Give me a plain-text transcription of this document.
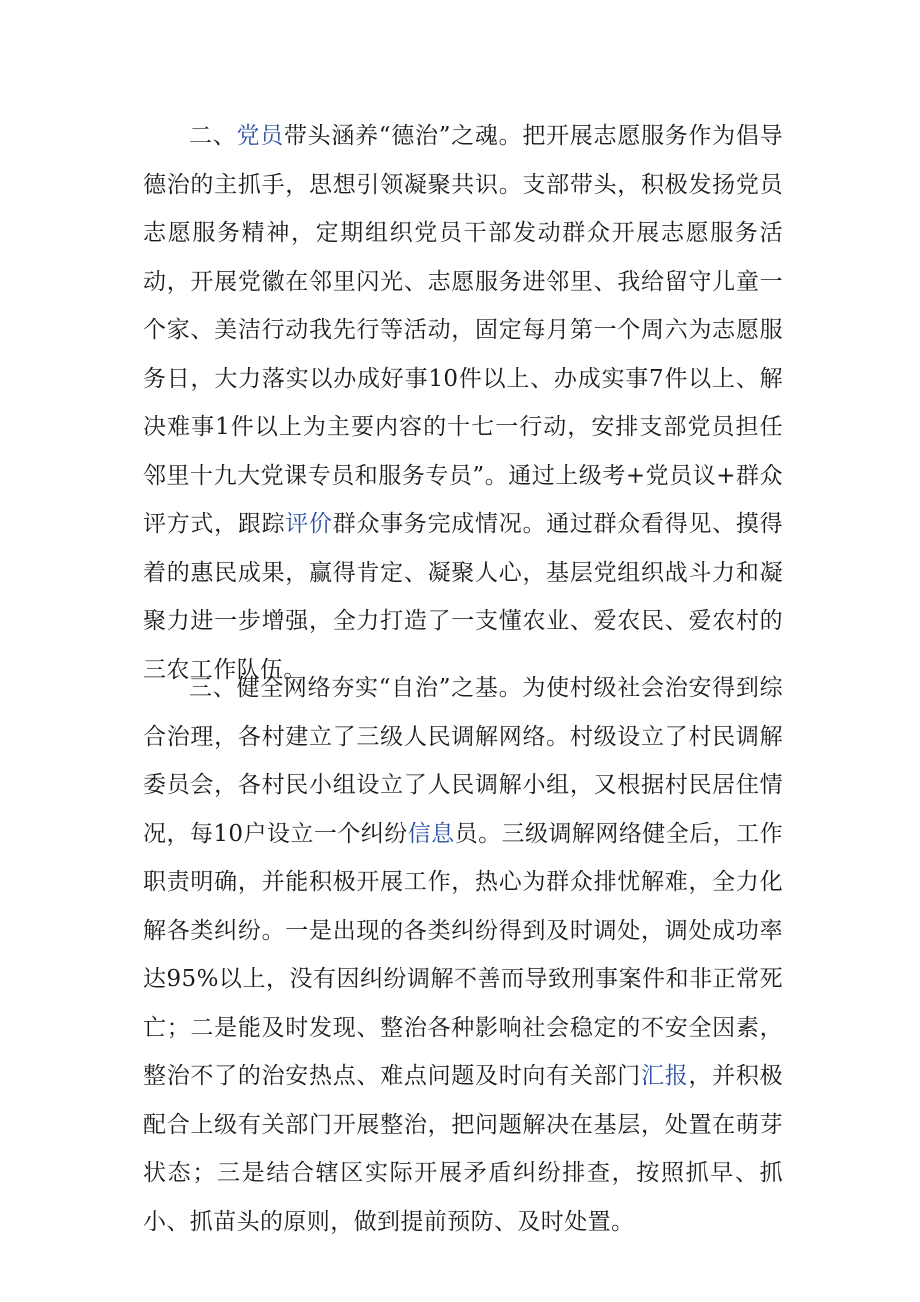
二、党员带头涵养“德治”之魂。把开展志愿服务作为倡导德治的主抓手，思想引领凝聚共识。支部带头，积极发扬党员志愿服务精神，定期组织党员干部发动群众开展志愿服务活动，开展党徽在邻里闪光、志愿服务进邻里、我给留守儿童一个家、美洁行动我先行等活动，固定每月第一个周六为志愿服务日，大力落实以办成好事10件以上、办成实事7件以上、解决难事1件以上为主要内容的十七一行动，安排支部党员担任邻里十九大党课专员和服务专员”。通过上级考+党员议+群众评方式，跟踪评价群众事务完成情况。通过群众看得见、摸得着的惠民成果，赢得肯定、凝聚人心，基层党组织战斗力和凝聚力进一步增强，全力打造了一支懂农业、爱农民、爱农村的三农工作队伍。

三、健全网络夯实“自治”之基。为使村级社会治安得到综合治理，各村建立了三级人民调解网络。村级设立了村民调解委员会，各村民小组设立了人民调解小组，又根据村民居住情况，每10户设立一个纠纷信息员。三级调解网络健全后，工作职责明确，并能积极开展工作，热心为群众排忧解难，全力化解各类纠纷。一是出现的各类纠纷得到及时调处，调处成功率达95%以上，没有因纠纷调解不善而导致刑事案件和非正常死亡；二是能及时发现、整治各种影响社会稳定的不安全因素，整治不了的治安热点、难点问题及时向有关部门汇报，并积极配合上级有关部门开展整治，把问题解决在基层，处置在萌芽状态；三是结合辖区实际开展矛盾纠纷排查，按照抓早、抓小、抓苗头的原则，做到提前预防、及时处置。
